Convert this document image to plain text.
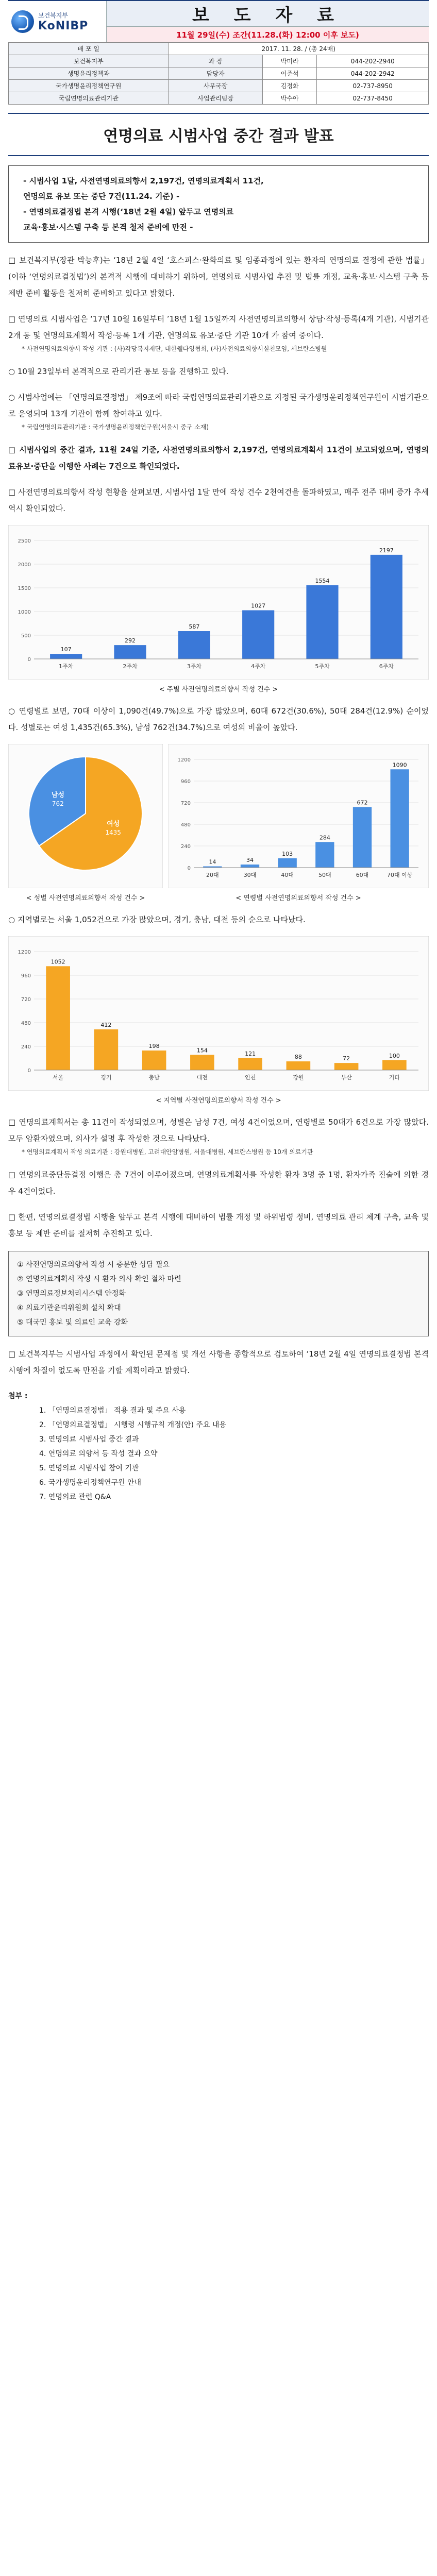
보건복지부
KoNIBP
보 도 자 료
11월 29일(수) 조간(11.28.(화) 12:00 이후 보도)
배 포 일	2017. 11. 28. / (총 24매)		
보건복지부	과 장	박미라	044-202-2940
생명윤리정책과	담당자	이준석	044-202-2942
국가생명윤리정책연구원	사무국장	김정화	02-737-8950
국립연명의료관리기관	사업관리팀장	박수아	02-737-8450
연명의료 시범사업 중간 결과 발표
- 시범사업 1달, 사전연명의료의향서 2,197건, 연명의료계획서 11건,
연명의료 유보 또는 중단 7건(11.24. 기준) -
- 연명의료결정법 본격 시행(‘18년 2월 4일) 앞두고 연명의료
교육·홍보·시스템 구축 등 본격 철저 준비에 만전 -

□ 보건복지부(장관 박능후)는 ‘18년 2월 4일 ‘호스피스·완화의료 및 임종과정에 있는 환자의 연명의료 결정에 관한 법률」(이하 ‘연명의료결정법’)의 본격적 시행에 대비하기 위하여, 연명의료 시범사업 추진 및 법률 개정, 교육·홍보·시스템 구축 등 제반 준비 활동을 철저히 준비하고 있다고 밝혔다.

□ 연명의료 시범사업은 ‘17년 10월 16일부터 ’18년 1월 15일까지 사전연명의료의향서 상담·작성·등록(4개 기관), 시범기관 2개 동 및 연명의료계획서 작성·등록 1개 기관, 연명의료 유보·중단 기관 10개 가 참여 중이다.

* 사전연명의료의향서 작성 기관 : (사)각당복지재단, 대한웰다잉협회, (사)사전의료의향서실천모임, 세브란스병원

○ 10월 23일부터 본격적으로 관리기관 통보 등을 진행하고 있다.

○ 시범사업에는 「연명의료결정법」 제9조에 따라 국립연명의료관리기관으로 지정된 국가생명윤리정책연구원이 시범기관으로 운영되며 13개 기관이 함께 참여하고 있다.

* 국립연명의료관리기관 : 국가생명윤리정책연구원(서울시 중구 소재)

□ 시범사업의 중간 결과, 11월 24일 기준, 사전연명의료의향서 2,197건, 연명의료계획서 11건이 보고되었으며, 연명의료유보·중단을 이행한 사례는 7건으로 확인되었다.

□ 사전연명의료의향서 작성 현황을 살펴보면, 시범사업 1달 만에 작성 건수 2천여건을 돌파하였고, 매주 전주 대비 증가 추세 역시 확인되었다.

0
500
1000
1500
2000
2500
107
1주차
292
2주차
587
3주차
1027
4주차
1554
5주차
2197
6주차
< 주별 사전연명의료의향서 작성 건수 >

○ 연령별로 보면, 70대 이상이 1,090건(49.7%)으로 가장 많았으며, 60대 672건(30.6%), 50대 284건(12.9%) 순이었다. 성별로는 여성 1,435건(65.3%), 남성 762건(34.7%)으로 여성의 비율이 높았다.

여성
1435
남성
762
< 성별 사전연명의료의향서 작성 건수 >
0
240
480
720
960
1200
14
20대
34
30대
103
40대
284
50대
672
60대
1090
70대 이상
< 연령별 사전연명의료의향서 작성 건수 >

○ 지역별로는 서울 1,052건으로 가장 많았으며, 경기, 충남, 대전 등의 순으로 나타났다.

0
240
480
720
960
1200
1052
서울
412
경기
198
충남
154
대전
121
인천
88
강원
72
부산
100
기타
< 지역별 사전연명의료의향서 작성 건수 >

□ 연명의료계획서는 총 11건이 작성되었으며, 성별은 남성 7건, 여성 4건이었으며, 연령별로 50대가 6건으로 가장 많았다. 모두 암환자였으며, 의사가 설명 후 작성한 것으로 나타났다.

* 연명의료계획서 작성 의료기관 : 강원대병원, 고려대안암병원, 서울대병원, 세브란스병원 등 10개 의료기관

□ 연명의료중단등결정 이행은 총 7건이 이루어졌으며, 연명의료계획서를 작성한 환자 3명 중 1명, 환자가족 진술에 의한 경우 4건이었다.

□ 한편, 연명의료결정법 시행을 앞두고 본격 시행에 대비하여 법률 개정 및 하위법령 정비, 연명의료 관리 체계 구축, 교육 및 홍보 등 제반 준비를 철저히 추진하고 있다.

① 사전연명의료의향서 작성 시 충분한 상담 필요
② 연명의료계획서 작성 시 환자 의사 확인 절차 마련
③ 연명의료정보처리시스템 안정화
④ 의료기관윤리위원회 설치 확대
⑤ 대국민 홍보 및 의료인 교육 강화

□ 보건복지부는 시범사업 과정에서 확인된 문제점 및 개선 사항을 종합적으로 검토하여 ‘18년 2월 4일 연명의료결정법 본격 시행에 차질이 없도록 만전을 기할 계획이라고 밝혔다.

첨부 :
1. 「연명의료결정법」 적용 결과 및 주요 사용
2. 「연명의료결정법」 시행령 시행규칙 개정(안) 주요 내용
3. 연명의료 시범사업 중간 결과
4. 연명의료 의향서 등 작성 결과 요약
5. 연명의료 시범사업 참여 기관
6. 국가생명윤리정책연구원 안내
7. 연명의료 관련 Q&A
